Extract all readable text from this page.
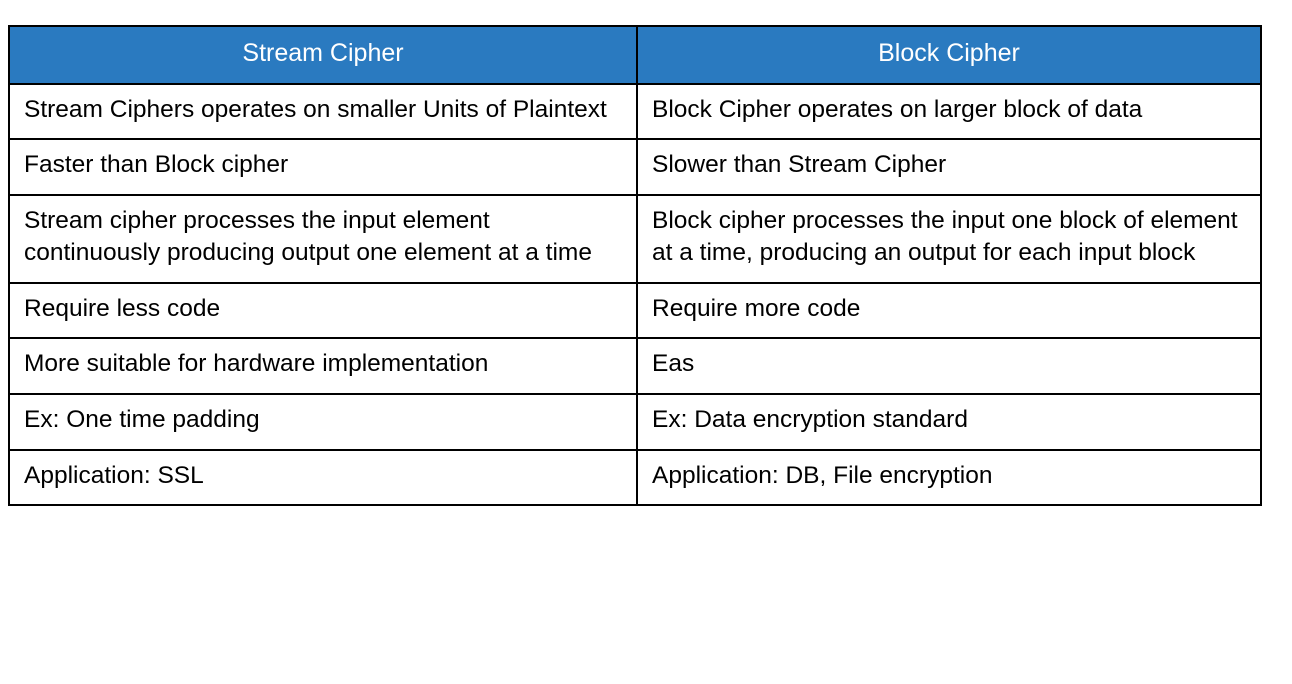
Stream Cipher	Block Cipher
Stream Ciphers operates on smaller Units of Plaintext	Block Cipher operates on larger block of data
Faster than Block cipher	Slower than Stream Cipher
Stream cipher processes the input element continuously producing output one element at a time	Block cipher processes the input one block of element at a time, producing an output for each input block
Require less code	Require more code
More suitable for hardware implementation	Eas
Ex: One time padding	Ex: Data encryption standard
Application: SSL	Application: DB, File encryption
